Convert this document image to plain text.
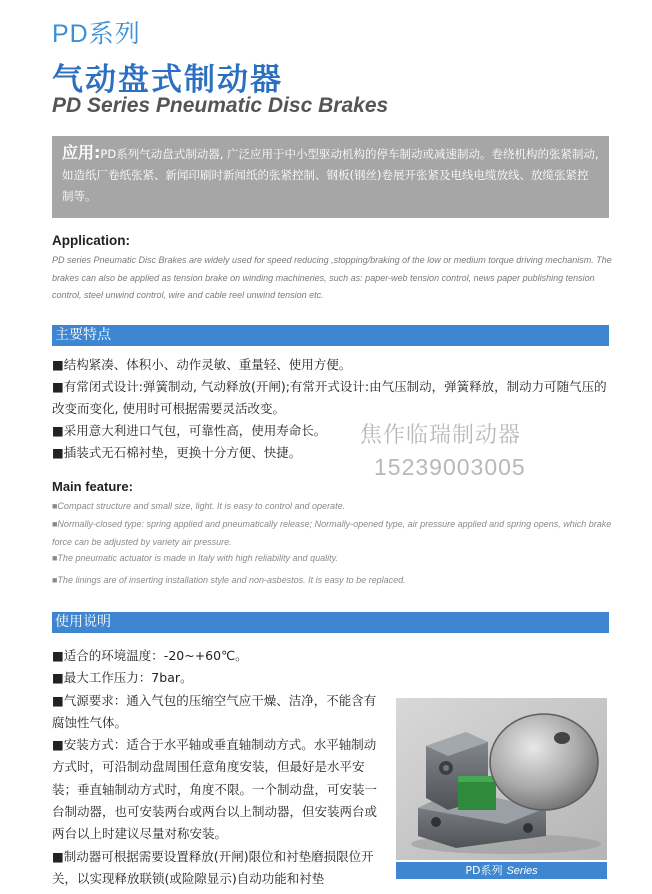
PD系列
气动盘式制动器
PD Series Pneumatic Disc Brakes
应用:PD系列气动盘式制动器, 广泛应用于中小型驱动机构的停车制动或减速制动。卷绕机构的张紧制动, 如造纸厂卷纸张紧、新闻印刷时新闻纸的张紧控制、钢板(钢丝)卷展开张紧及电线电缆放线、放缆张紧控制等。
Application:
PD series Pneumatic Disc Brakes are widely used for speed reducing ,stopping/braking of the low or medium torque driving mechanism. The brakes can also be applied as tension brake on winding machineries, such as: paper-web tension control, news paper publishing tension control, steel unwind control, wire and cable reel unwind tension etc.
主要特点

■结构紧凑、体积小、动作灵敏、重量轻、使用方便。

■有常闭式设计:弹簧制动, 气动释放(开闸);有常开式设计:由气压制动，弹簧释放，制动力可随气压的改变而变化, 使用时可根据需要灵活改变。

■采用意大利进口气包，可靠性高，使用寿命长。

■插装式无石棉衬垫，更换十分方便、快捷。

焦作临瑞制动器
15239003005
Main feature:

■Compact structure and small size, light. It is easy to control and operate.

■Normally-closed type: spring applied and pneumatically release; Normally-opened type, air pressure applied and spring opens, which brake force can be adjusted by variety air pressure.

■The pneumatic actuator is made in Italy with high reliability and quality.

■The linings are of inserting installation style and non-asbestos. It is easy to be replaced.

使用说明

■适合的环境温度：-20~+60℃。

■最大工作压力：7bar。

■气源要求：通入气包的压缩空气应干燥、洁净，不能含有腐蚀性气体。

■安装方式：适合于水平轴或垂直轴制动方式。水平轴制动方式时，可沿制动盘周围任意角度安装，但最好是水平安装；垂直轴制动方式时，角度不限。一个制动盘，可安装一台制动器，也可安装两台或两台以上制动器，但安装两台或两台以上时建议尽量对称安装。

■制动器可根据需要设置释放(开闸)限位和衬垫磨损限位开关，以实现释放联锁(或险隙显示)自动功能和衬垫

PD系列 Series
